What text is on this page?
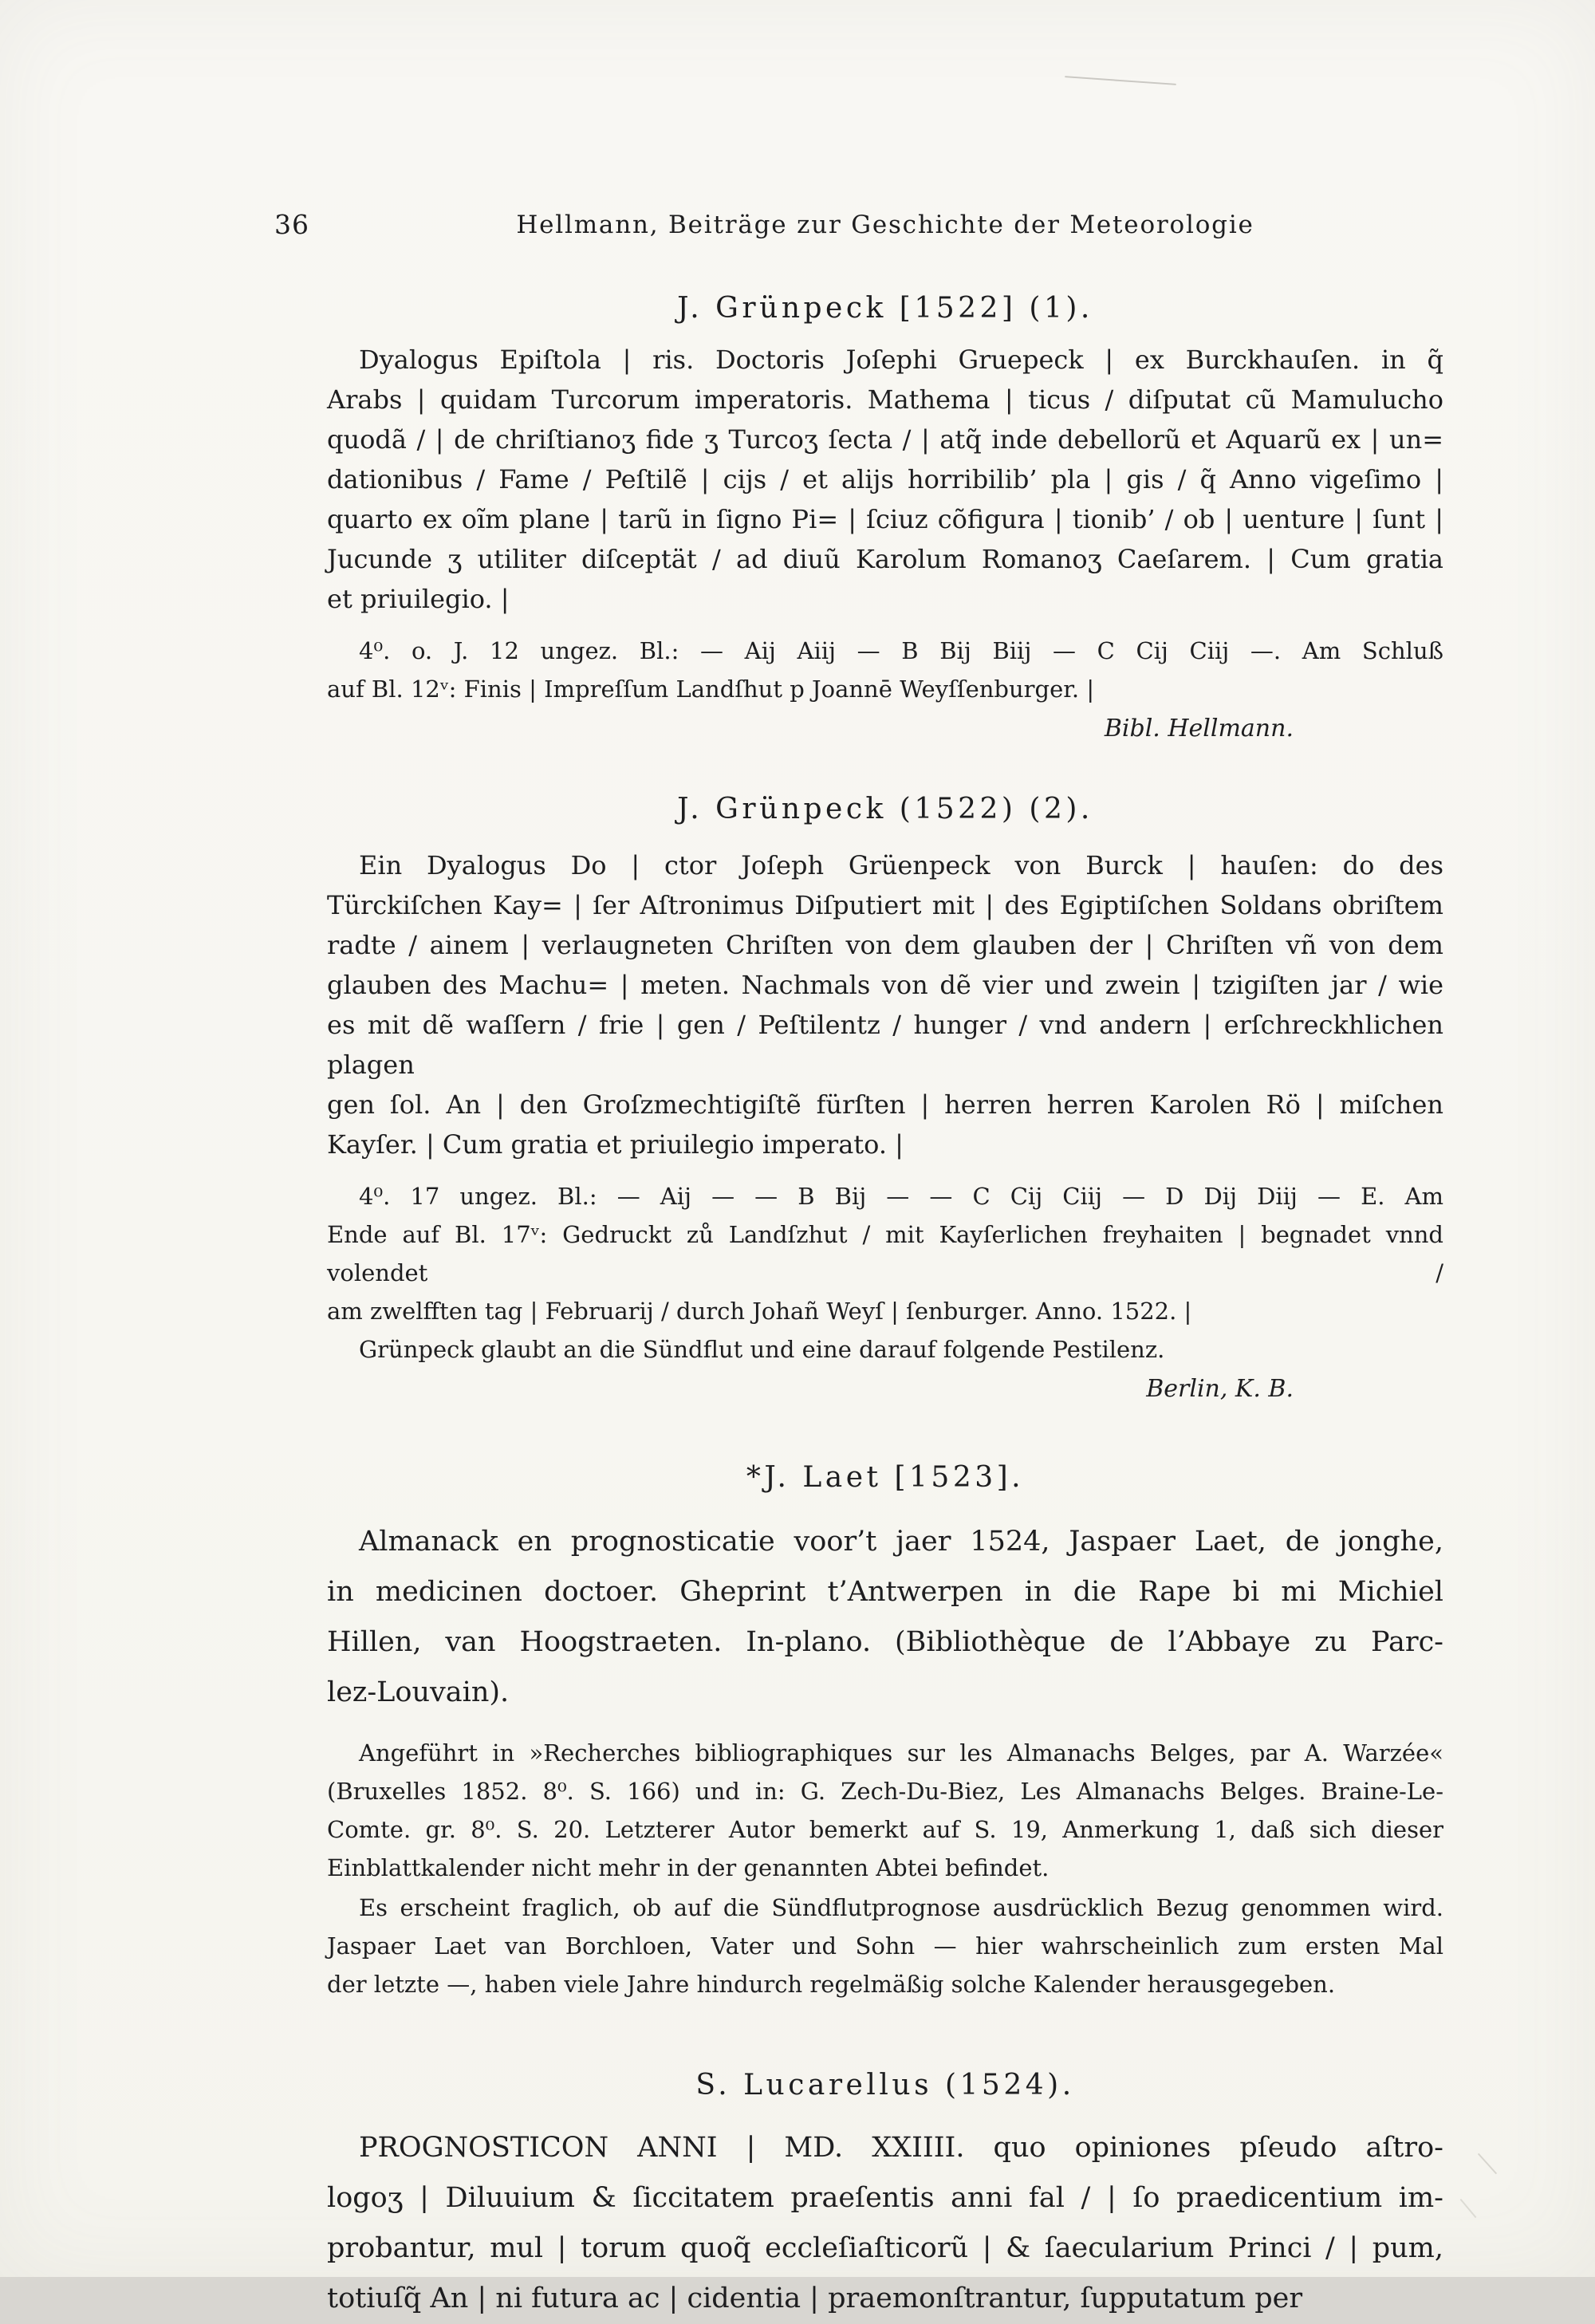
36	Hellmann, Beiträge zur Geschichte der Meteorologie
J. Grünpeck [1522] (1).
Dyalogus Epiſtola | ris. Doctoris Joſephi Gruepeck | ex Burckhauſen. in q̃
Arabs | quidam Turcorum imperatoris. Mathema | ticus / diſputat cũ Mamulucho
quodã / | de chriſtianoʒ fide ʒ Turcoʒ ſecta / | atq̃ inde debellorũ et Aquarũ ex | un=
dationibus / Fame / Peſtilẽ | cijs / et alijs horribilib’ pla | gis / q̃ Anno vigeſimo |
quarto ex oĩm plane | tarũ in ſigno Pi= | ſciuz cõfigura | tionib’ / ob | uenture | ſunt |
Jucunde ʒ utiliter diſceptät / ad diuũ Karolum Romanoʒ Caeſarem. | Cum gratia
et priuilegio. |
4⁰. o. J. 12 ungez. Bl.: — Aij Aiij — B Bij Biij — C Cij Ciij —. Am Schluß
auf Bl. 12ᵛ: Finis | Impreſſum Landſhut p Joannē Weyſſenburger. |
Bibl. Hellmann.
J. Grünpeck (1522) (2).
Ein Dyalogus Do | ctor Joſeph Grüenpeck von Burck | hauſen: do des
Türckiſchen Kay= | ſer Aſtronimus Diſputiert mit | des Egiptiſchen Soldans obriſtem
radte / ainem | verlaugneten Chriſten von dem glauben der | Chriſten vñ von dem
glauben des Machu= | meten. Nachmals von dẽ vier und zwein | tzigiſten jar / wie
es mit dẽ waſſern / frie | gen / Peſtilentz / hunger / vnd andern | erſchreckhlichen plagen
gen ſol. An | den Groſzmechtigiſtẽ fürſten | herren herren Karolen Rö | miſchen
Kayſer. | Cum gratia et priuilegio imperato. |
4⁰. 17 ungez. Bl.: — Aij — — B Bij — — C Cij Ciij — D Dij Diij — E. Am
Ende auf Bl. 17ᵛ: Gedruckt zů Landſzhut / mit Kayſerlichen freyhaiten | begnadet vnnd volendet /
am zwelfften tag | Februarij / durch Johañ Weyſ | ſenburger. Anno. 1522. |
Grünpeck glaubt an die Sündflut und eine darauf folgende Pestilenz.
Berlin, K. B.
*J. Laet [1523].
Almanack en prognosticatie voor’t jaer 1524, Jaspaer Laet, de jonghe,
in medicinen doctoer. Gheprint t’Antwerpen in die Rape bi mi Michiel
Hillen, van Hoogstraeten. In-plano. (Bibliothèque de l’Abbaye zu Parc-
lez-Louvain).
Angeführt in »Recherches bibliographiques sur les Almanachs Belges, par A. Warzée«
(Bruxelles 1852. 8⁰. S. 166) und in: G. Zech-Du-Biez, Les Almanachs Belges. Braine-Le-
Comte. gr. 8⁰. S. 20. Letzterer Autor bemerkt auf S. 19, Anmerkung 1, daß sich dieser
Einblattkalender nicht mehr in der genannten Abtei befindet.
Es erscheint fraglich, ob auf die Sündflutprognose ausdrücklich Bezug genommen wird.
Jaspaer Laet van Borchloen, Vater und Sohn — hier wahrscheinlich zum ersten Mal
der letzte —, haben viele Jahre hindurch regelmäßig solche Kalender herausgegeben.
S. Lucarellus (1524).
PROGNOSTICON ANNI | MD. XXIIII. quo opiniones pſeudo aſtro-
logoʒ | Diluuium & ſiccitatem praeſentis anni fal / | ſo praedicentium im-
probantur, mul | torum quoq̃ eccleſiaſticorũ | & ſaecularium Princi / | pum,
totiuſq̃ An | ni futura ac | cidentia | praemonſtrantur, ſupputatum per
